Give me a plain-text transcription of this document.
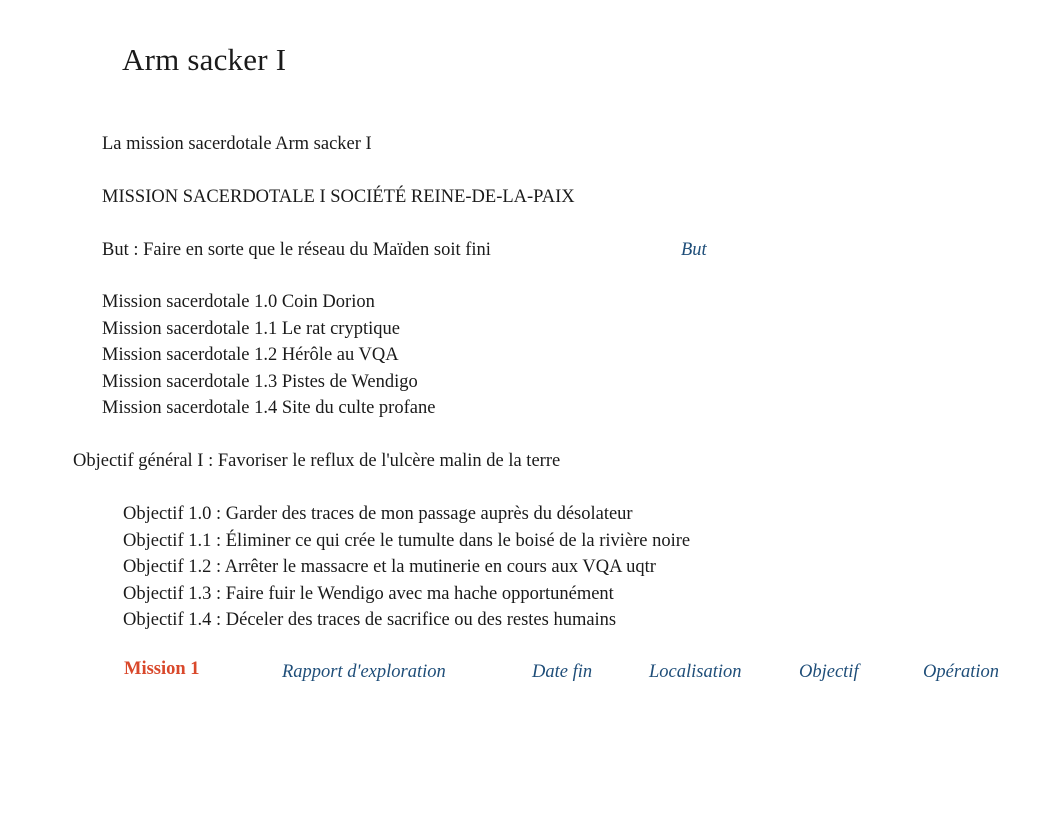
Arm sacker I
La mission sacerdotale Arm sacker I
MISSION SACERDOTALE I SOCIÉTÉ REINE-DE-LA-PAIX
But : Faire en sorte que le réseau du Maïden soit fini	But
Mission sacerdotale 1.0 Coin Dorion
Mission sacerdotale 1.1 Le rat cryptique
Mission sacerdotale 1.2 Hérôle au VQA
Mission sacerdotale 1.3 Pistes de Wendigo
Mission sacerdotale 1.4 Site du culte profane
Objectif général I : Favoriser le reflux de l'ulcère malin de la terre
Objectif 1.0 : Garder des traces de mon passage auprès du désolateur
Objectif 1.1 : Éliminer ce qui crée le tumulte dans le boisé de la rivière noire
Objectif 1.2 : Arrêter le massacre et la mutinerie en cours aux VQA uqtr
Objectif 1.3 : Faire fuir le Wendigo avec ma hache opportunément
Objectif 1.4 : Déceler des traces de sacrifice ou des restes humains
Mission 1	Rapport d'exploration	Date fin	Localisation	Objectif	Opération
